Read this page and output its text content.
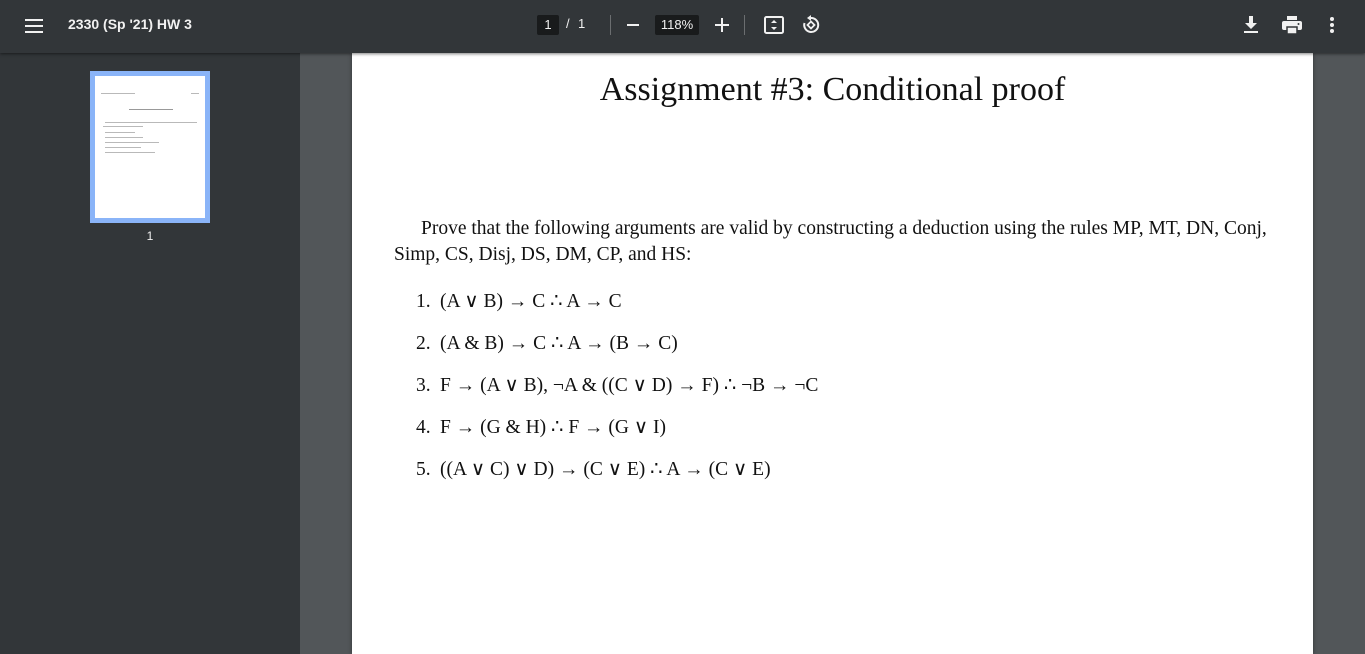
2330 (Sp '21) HW 3	1	/ 1	118%
1
Assignment #3: Conditional proof
Prove that the following arguments are valid by constructing a deduction using the rules MP, MT, DN, Conj, Simp, CS, Disj, DS, DM, CP, and HS:
1. (A ∨ B) → C ∴ A → C
2. (A & B) → C ∴ A → (B → C)
3. F → (A ∨ B), ¬A & ((C ∨ D) → F) ∴ ¬B → ¬C
4. F → (G & H) ∴ F → (G ∨ I)
5. ((A ∨ C) ∨ D) → (C ∨ E) ∴ A → (C ∨ E)
